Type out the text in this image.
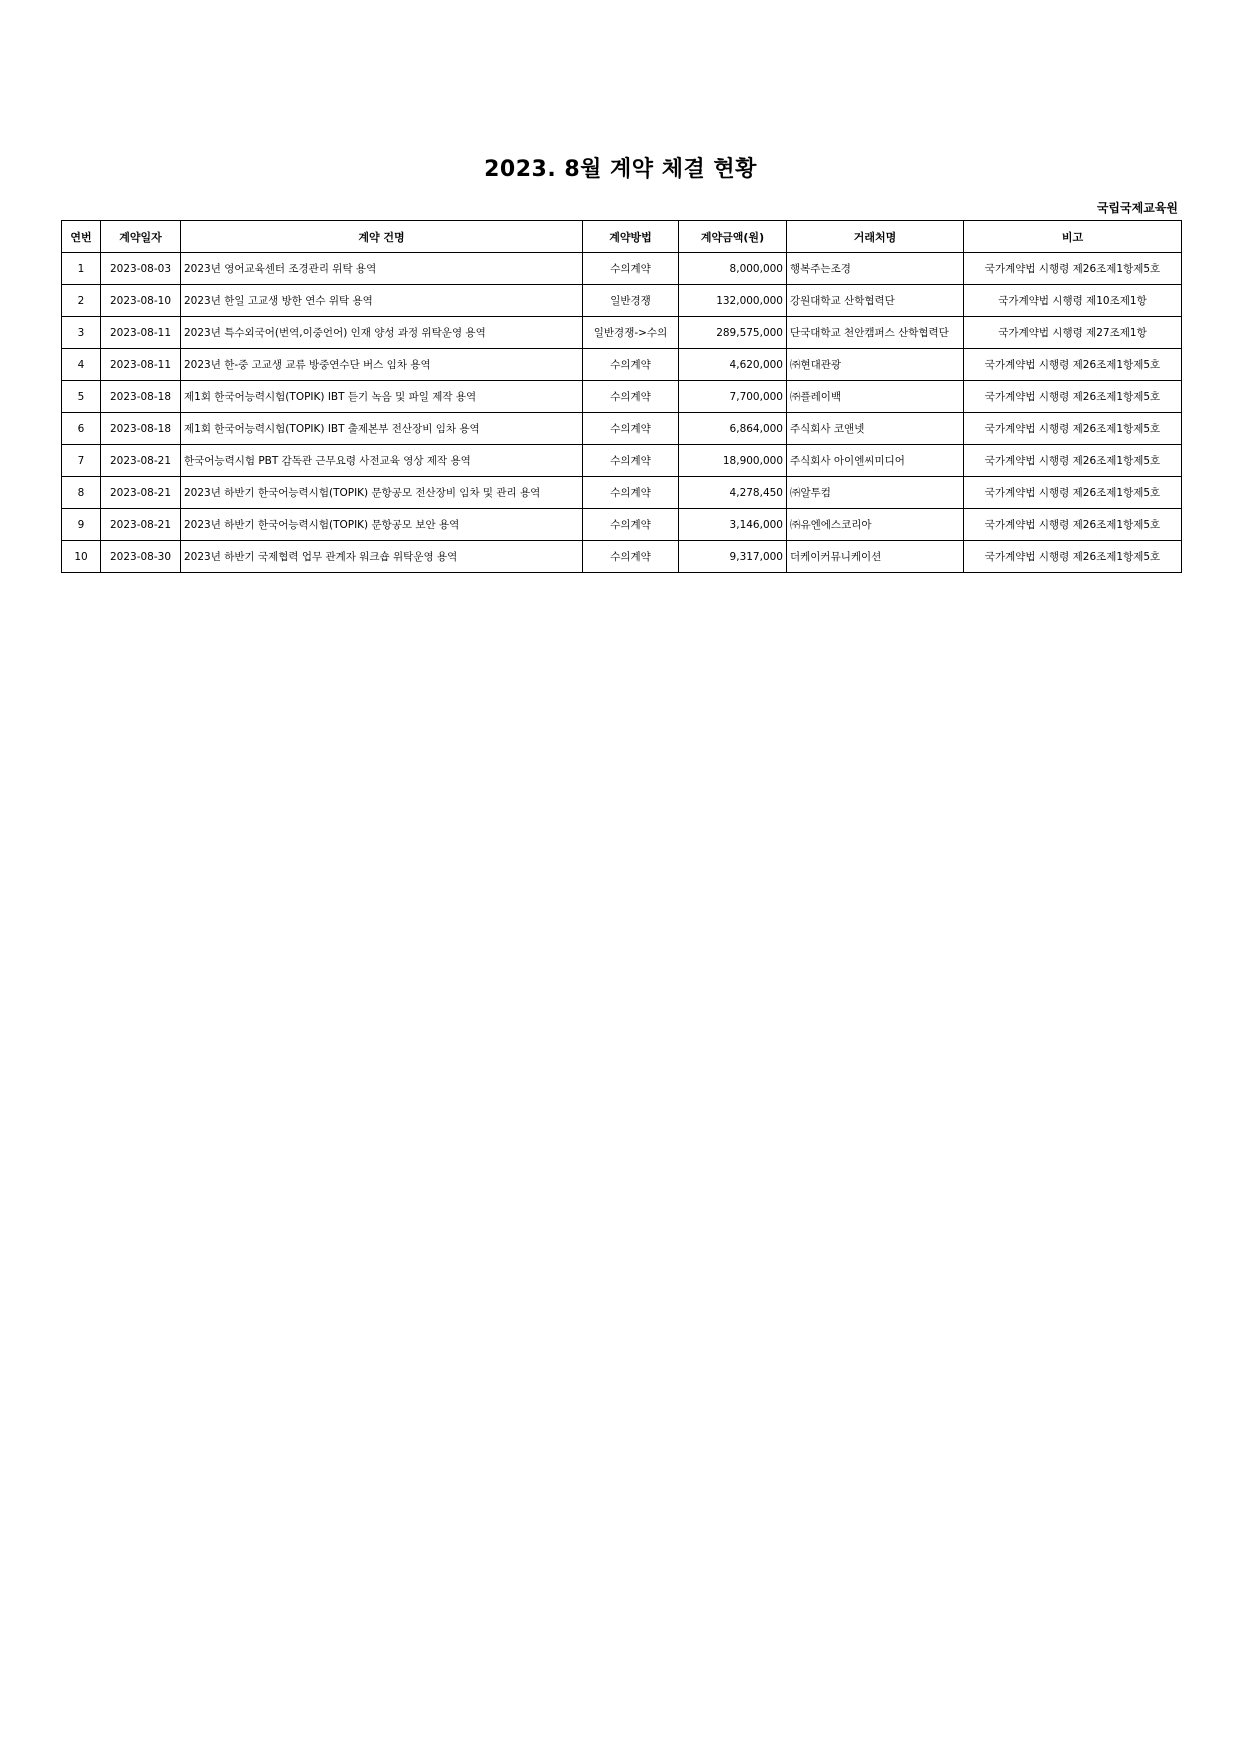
2023. 8월 계약 체결 현황
국립국제교육원
연번	계약일자	계약 건명	계약방법	계약금액(원)	거래처명	비고
1	2023-08-03	2023년 영어교육센터 조경관리 위탁 용역	수의계약	8,000,000	행복주는조경	국가계약법 시행령 제26조제1항제5호
2	2023-08-10	2023년 한일 고교생 방한 연수 위탁 용역	일반경쟁	132,000,000	강원대학교 산학협력단	국가계약법 시행령 제10조제1항
3	2023-08-11	2023년 특수외국어(번역,이중언어) 인재 양성 과정 위탁운영 용역	일반경쟁->수의	289,575,000	단국대학교 천안캠퍼스 산학협력단	국가계약법 시행령 제27조제1항
4	2023-08-11	2023년 한-중 고교생 교류 방중연수단 버스 임차 용역	수의계약	4,620,000	㈜현대관광	국가계약법 시행령 제26조제1항제5호
5	2023-08-18	제1회 한국어능력시험(TOPIK) IBT 듣기 녹음 및 파일 제작 용역	수의계약	7,700,000	㈜플레이백	국가계약법 시행령 제26조제1항제5호
6	2023-08-18	제1회 한국어능력시험(TOPIK) IBT 출제본부 전산장비 임차 용역	수의계약	6,864,000	주식회사 코앤넷	국가계약법 시행령 제26조제1항제5호
7	2023-08-21	한국어능력시험 PBT 감독관 근무요령 사전교육 영상 제작 용역	수의계약	18,900,000	주식회사 아이엔씨미디어	국가계약법 시행령 제26조제1항제5호
8	2023-08-21	2023년 하반기 한국어능력시험(TOPIK) 문항공모 전산장비 임차 및 관리 용역	수의계약	4,278,450	㈜알투컴	국가계약법 시행령 제26조제1항제5호
9	2023-08-21	2023년 하반기 한국어능력시험(TOPIK) 문항공모 보안 용역	수의계약	3,146,000	㈜유엔에스코리아	국가계약법 시행령 제26조제1항제5호
10	2023-08-30	2023년 하반기 국제협력 업무 관계자 워크숍 위탁운영 용역	수의계약	9,317,000	더케이커뮤니케이션	국가계약법 시행령 제26조제1항제5호
